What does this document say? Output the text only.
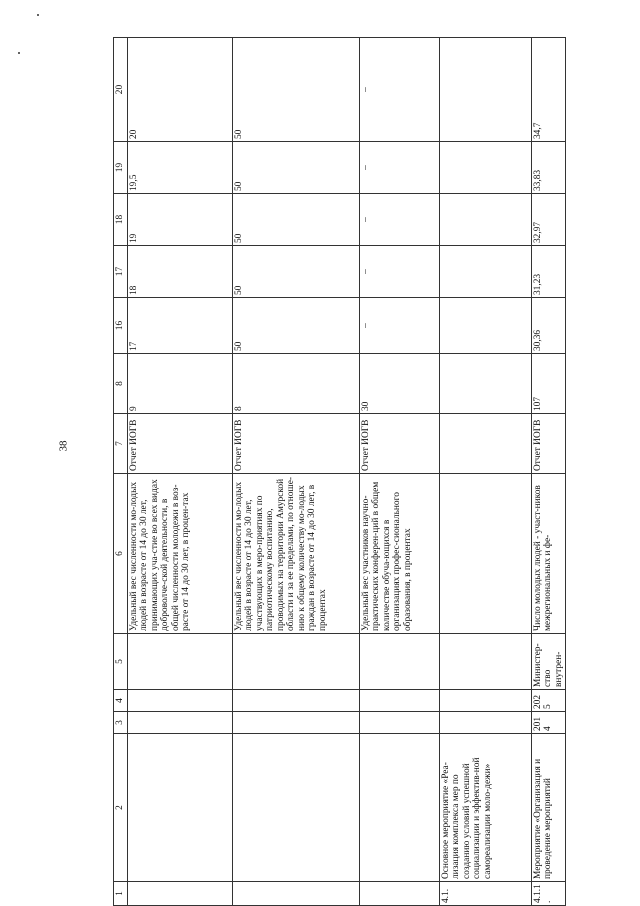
38
1	2	3	4	5	6	7	8	16	17	18	19	20
					Удельный вес численности мо-лодых людей в возрасте от 14 до 30 лет, принимающих уча-стие во всех видах доброволче-ской деятельности, в общей численности молодежи в воз-расте от 14 до 30 лет, в процен-тах	Отчет ИОГВ	9	17	18	19	19,5	20
					Удельный вес численности мо-лодых людей в возрасте от 14 до 30 лет, участвующих в меро-приятиях по патриотическому воспитанию, проводимых на территории Амурской области и за ее пределами, по отноше-нию к общему количеству мо-лодых граждан в возрасте от 14 до 30 лет, в процентах	Отчет ИОГВ	8	50	50	50	50	50
					Удельный вес участников научно-практических конферен-ций в общем количестве обуча-ющихся в организациях профес-сионального образования, в процентах	Отчет ИОГВ	30	–	–	–	–	–
4.1.	Основное мероприятие «Реа-лизация комплекса мер по созданию условий успешной социализации и эффектив-ной самореализации моло-дежи»											
4.1.1.	Мероприятие «Организация и проведение мероприятий	2014	2025	Министер-ство внутрен-	Число молодых людей - участ-ников межрегиональных и фе-	Отчет ИОГВ	107	30,36	31,23	32,97	33,83	34,7
